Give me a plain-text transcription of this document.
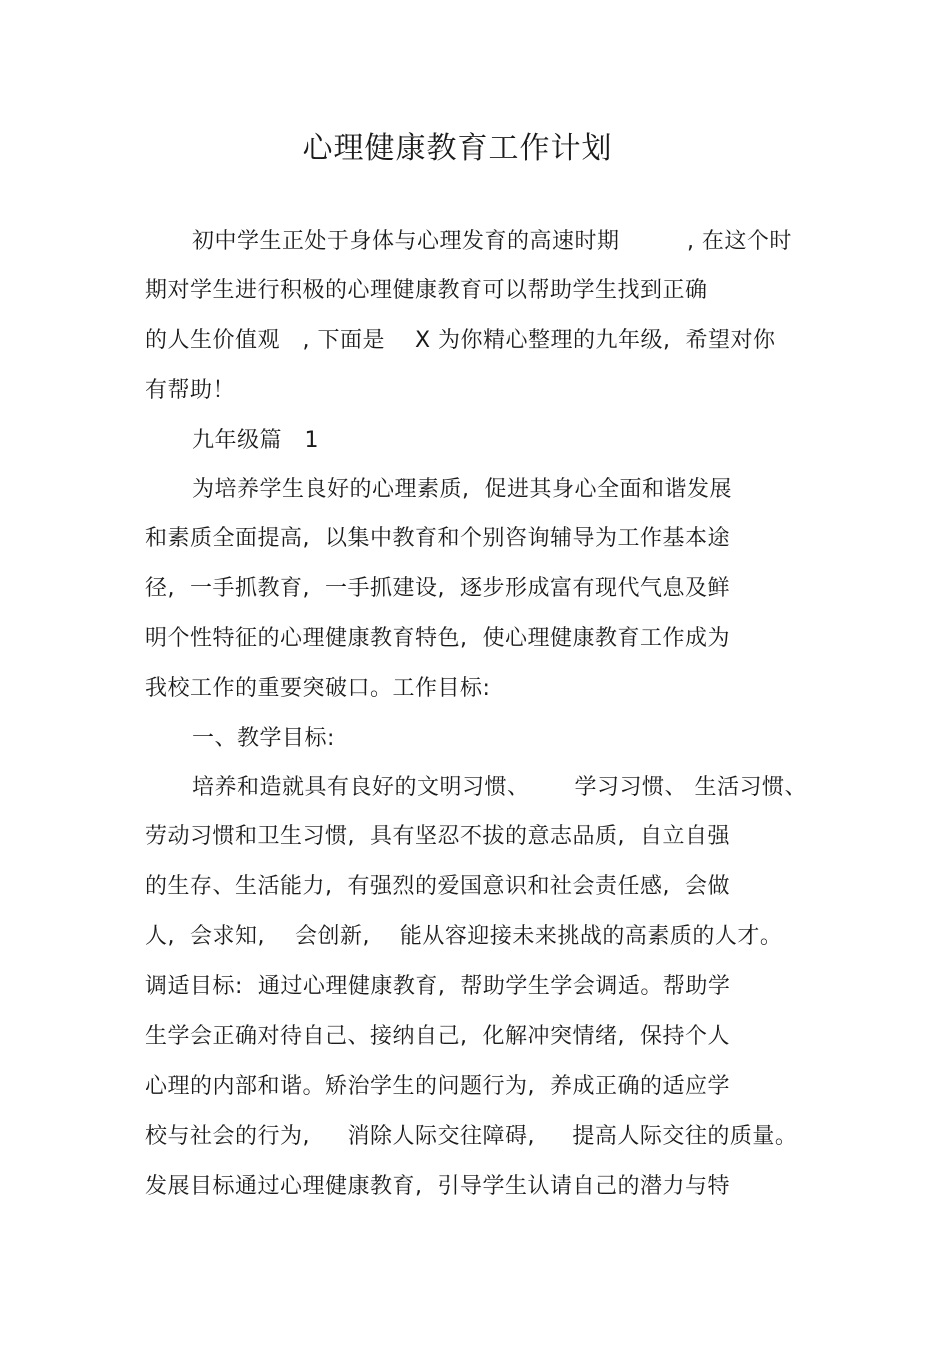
心理健康教育工作计划
初中学生正处于身体与心理发育的高速时期         , 在这个时
期对学生进行积极的心理健康教育可以帮助学生找到正确
的人生价值观   , 下面是    X 为你精心整理的九年级,  希望对你
有帮助！
九年级篇   1
为培养学生良好的心理素质,  促进其身心全面和谐发展
和素质全面提高,  以集中教育和个别咨询辅导为工作基本途
径,  一手抓教育,  一手抓建设,  逐步形成富有现代气息及鲜
明个性特征的心理健康教育特色,  使心理健康教育工作成为
我校工作的重要突破口。工作目标:
一、教学目标:
培养和造就具有良好的文明习惯、      学习习惯、 生活习惯、
劳动习惯和卫生习惯,  具有坚忍不拔的意志品质,  自立自强
的生存、生活能力,  有强烈的爱国意识和社会责任感,  会做
人,  会求知,    会创新,    能从容迎接未来挑战的高素质的人才。
调适目标:  通过心理健康教育,  帮助学生学会调适。帮助学
生学会正确对待自己、接纳自己,  化解冲突情绪,  保持个人
心理的内部和谐。矫治学生的问题行为,  养成正确的适应学
校与社会的行为,     消除人际交往障碍,     提高人际交往的质量。
发展目标通过心理健康教育,  引导学生认请自己的潜力与特
